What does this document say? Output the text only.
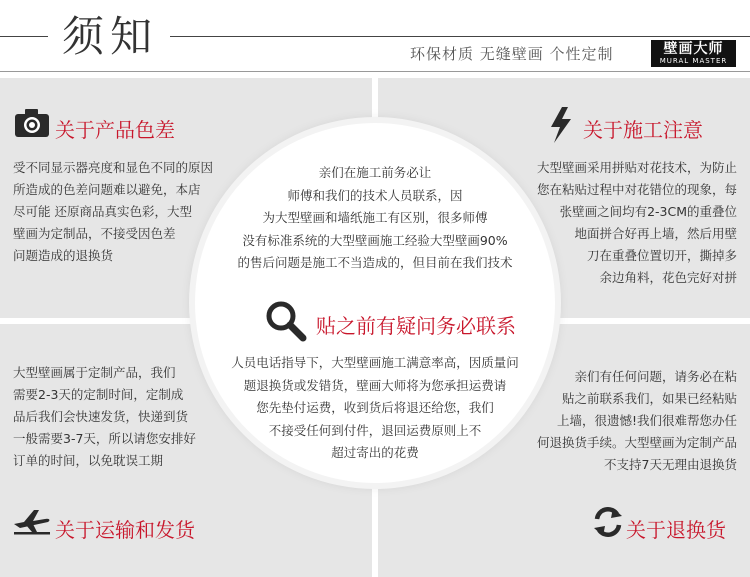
须知	环保材质 无缝壁画 个性定制	壁画大师
MURAL MASTER
关于产品色差
受不同显示器亮度和显色不同的原因
所造成的色差问题难以避免，本店
尽可能 还原商品真实色彩，大型
壁画为定制品，不接受因色差
问题造成的退换货
关于施工注意
大型壁画采用拼贴对花技术，为防止
您在粘贴过程中对花错位的现象，每
张壁画之间均有2-3CM的重叠位
地面拼合好再上墙，然后用壁
刀在重叠位置切开，撕掉多
余边角料，花色完好对拼
大型壁画属于定制产品，我们
需要2-3天的定制时间，定制成
品后我们会快速发货，快递到货
一般需要3-7天，所以请您安排好
订单的时间，以免耽误工期
关于运输和发货
亲们有任何问题，请务必在粘
贴之前联系我们，如果已经粘贴
上墙，很遗憾!我们很难帮您办任
何退换货手续。大型壁画为定制产品
不支持7天无理由退换货
关于退换货
亲们在施工前务必让
师傅和我们的技术人员联系，因
为大型壁画和墙纸施工有区别，很多师傅
没有标准系统的大型壁画施工经验大型壁画90%
的售后问题是施工不当造成的，但目前在我们技术
贴之前有疑问务必联系
人员电话指导下，大型壁画施工满意率高，因质量问
题退换货或发错货，壁画大师将为您承担运费请
您先垫付运费，收到货后将退还给您，我们
不接受任何到付件，退回运费原则上不
超过寄出的花费
